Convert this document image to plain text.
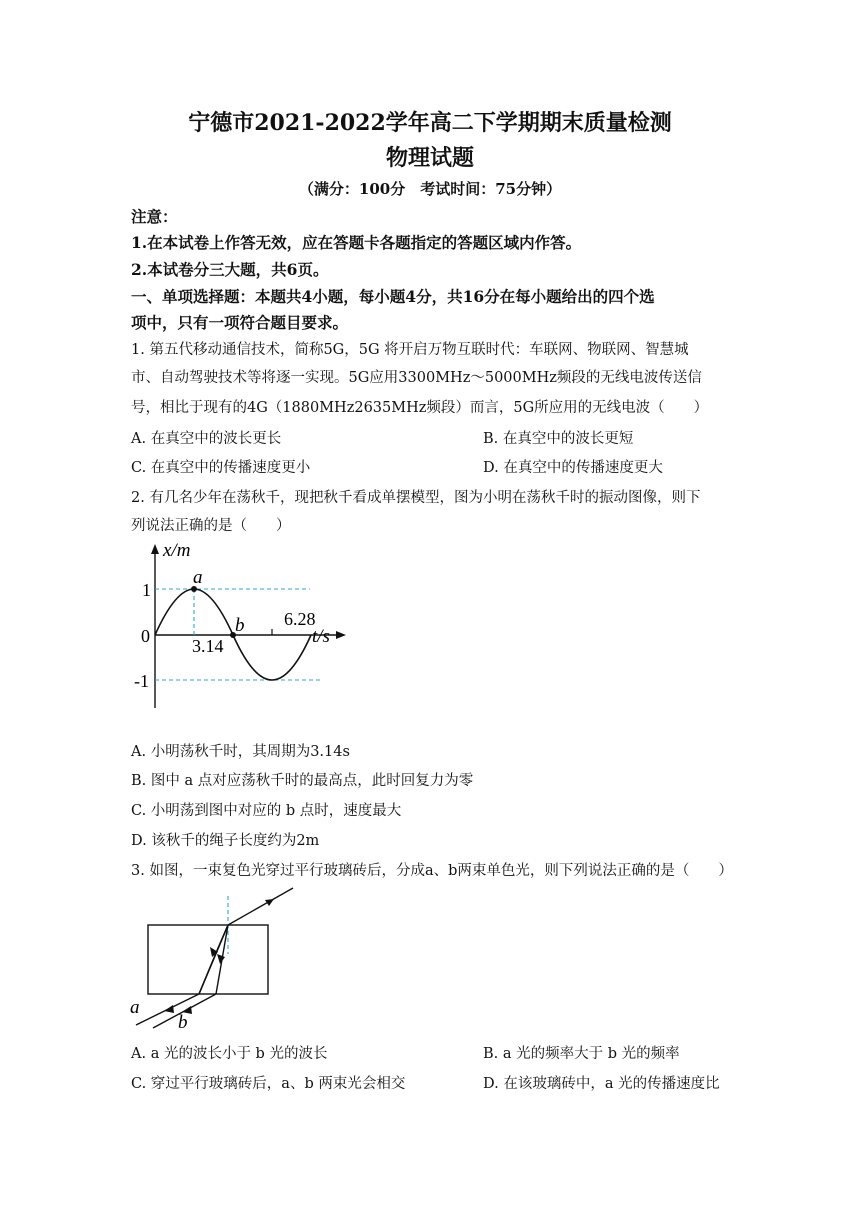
宁德市2021-2022学年高二下学期期末质量检测
物理试题
（满分：100分　考试时间：75分钟）
注意：
1.在本试卷上作答无效，应在答题卡各题指定的答题区域内作答。
2.本试卷分三大题，共6页。
一、单项选择题：本题共4小题，每小题4分，共16分在每小题给出的四个选
项中，只有一项符合题目要求。
1. 第五代移动通信技术，简称5G，5G 将开启万物互联时代：车联网、物联网、智慧城
市、自动驾驶技术等将逐一实现。5G应用3300MHz～5000MHz频段的无线电波传送信
号，相比于现有的4G（1880MHz2635MHz频段）而言，5G所应用的无线电波（　　）
A. 在真空中的波长更长	B. 在真空中的波长更短
C. 在真空中的传播速度更小	D. 在真空中的传播速度更大
2. 有几名少年在荡秋千，现把秋千看成单摆模型，图为小明在荡秋千时的振动图像，则下
列说法正确的是（　　）
x/m
t/s
0
1
-1
3.14
6.28
a
b
A. 小明荡秋千时，其周期为3.14s
B. 图中 a 点对应荡秋千时的最高点，此时回复力为零
C. 小明荡到图中对应的 b 点时，速度最大
D. 该秋千的绳子长度约为2m
3. 如图，一束复色光穿过平行玻璃砖后，分成a、b两束单色光，则下列说法正确的是（　　）
a
b
A. a 光的波长小于 b 光的波长	B. a 光的频率大于 b 光的频率
C. 穿过平行玻璃砖后，a、b 两束光会相交	D. 在该玻璃砖中，a 光的传播速度比
